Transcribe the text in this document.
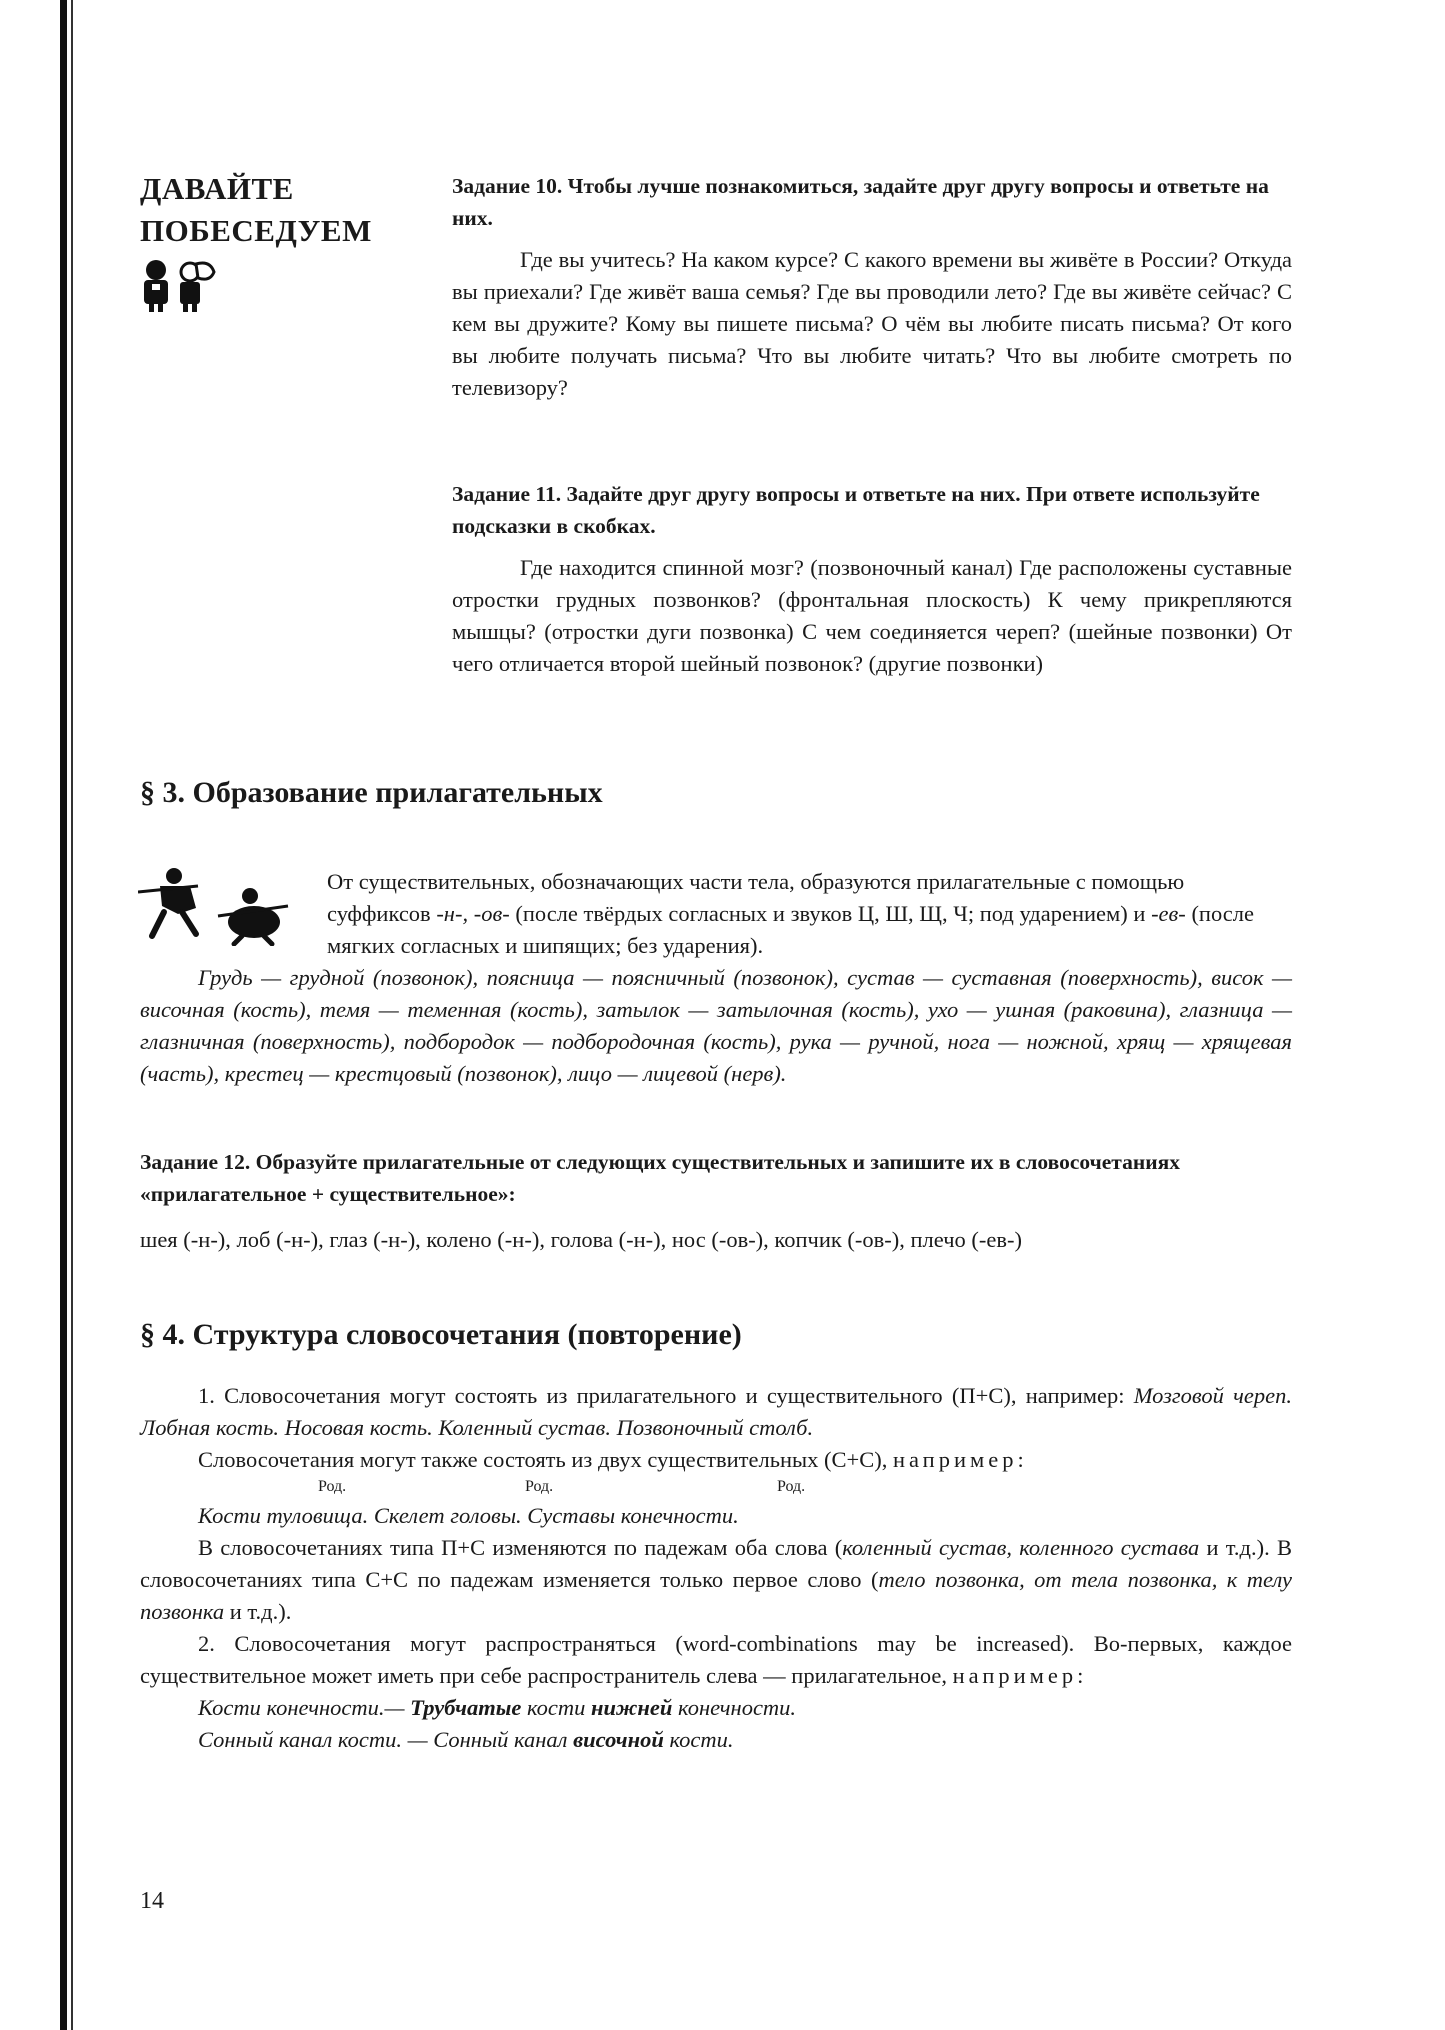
ДАВАЙТЕ
ПОБЕСЕДУЕМ

Задание 10. Чтобы лучше познакомиться, задайте друг другу вопросы и ответьте на них.

Где вы учитесь? На каком курсе? С какого времени вы живёте в России? Откуда вы приехали? Где живёт ваша семья? Где вы проводили лето? Где вы живёте сейчас? С кем вы дружите? Кому вы пишете письма? О чём вы любите писать письма? От кого вы любите получать письма? Что вы любите читать? Что вы любите смотреть по телевизору?

Задание 11. Задайте друг другу вопросы и ответьте на них. При ответе используйте подсказки в скобках.

Где находится спинной мозг? (позвоночный канал) Где расположены суставные отростки грудных позвонков? (фронтальная плоскость) К чему прикрепляются мышцы? (отростки дуги позвонка) С чем соединяется череп? (шейные позвонки) От чего отличается второй шейный позвонок? (другие позвонки)

§ 3. Образование прилагательных
От существительных, обозначающих части тела, образуются прилагательные с помощью суффиксов -н-, -ов- (после твёрдых согласных и звуков Ц, Ш, Щ, Ч; под ударением) и -ев- (после мягких согласных и шипящих; без ударения).
Грудь — грудной (позвонок), поясница — поясничный (позвонок), сустав — суставная (поверхность), висок — височная (кость), темя — теменная (кость), затылок — затылочная (кость), ухо — ушная (раковина), глазница — глазничная (поверхность), подбородок — подбородочная (кость), рука — ручной, нога — ножной, хрящ — хрящевая (часть), крестец — крестцовый (позвонок), лицо — лицевой (нерв).

Задание 12. Образуйте прилагательные от следующих существительных и запишите их в словосочетаниях «прилагательное + существительное»:

шея (-н-), лоб (-н-), глаз (-н-), колено (-н-), голова (-н-), нос (-ов-), копчик (-ов-), плечо (-ев-)

§ 4. Структура словосочетания (повторение)

1. Словосочетания могут состоять из прилагательного и существительного (П+С), например: Мозговой череп. Лобная кость. Носовая кость. Коленный сустав. Позвоночный столб.

Словосочетания могут также состоять из двух существительных (С+С), например:

Род.	Род.	Род.

Кости туловища. Скелет головы. Суставы конечности.

В словосочетаниях типа П+С изменяются по падежам оба слова (коленный сустав, коленного сустава и т.д.). В словосочетаниях типа С+С по падежам изменяется только первое слово (тело позвонка, от тела позвонка, к телу позвонка и т.д.).

2. Словосочетания могут распространяться (word-combinations may be increased). Во-первых, каждое существительное может иметь при себе распространитель слева — прилагательное, например:

Кости конечности.— Трубчатые кости нижней конечности.

Сонный канал кости. — Сонный канал височной кости.

14
